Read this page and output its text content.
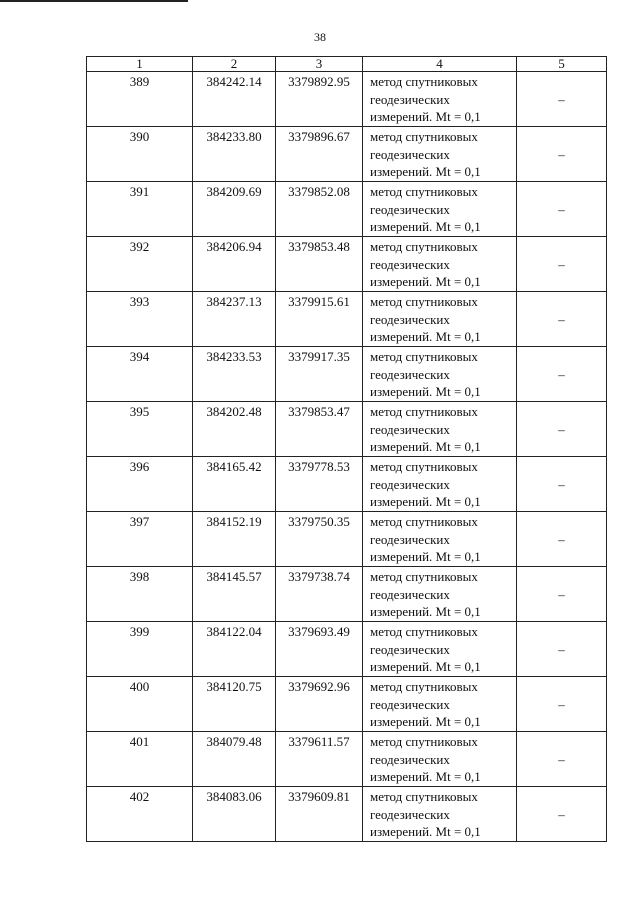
38
1	2	3	4	5
389	384242.14	3379892.95	метод спутниковых
геодезических
измерений. Mt = 0,1	–
390	384233.80	3379896.67	метод спутниковых
геодезических
измерений. Mt = 0,1	–
391	384209.69	3379852.08	метод спутниковых
геодезических
измерений. Mt = 0,1	–
392	384206.94	3379853.48	метод спутниковых
геодезических
измерений. Mt = 0,1	–
393	384237.13	3379915.61	метод спутниковых
геодезических
измерений. Mt = 0,1	–
394	384233.53	3379917.35	метод спутниковых
геодезических
измерений. Mt = 0,1	–
395	384202.48	3379853.47	метод спутниковых
геодезических
измерений. Mt = 0,1	–
396	384165.42	3379778.53	метод спутниковых
геодезических
измерений. Mt = 0,1	–
397	384152.19	3379750.35	метод спутниковых
геодезических
измерений. Mt = 0,1	–
398	384145.57	3379738.74	метод спутниковых
геодезических
измерений. Mt = 0,1	–
399	384122.04	3379693.49	метод спутниковых
геодезических
измерений. Mt = 0,1	–
400	384120.75	3379692.96	метод спутниковых
геодезических
измерений. Mt = 0,1	–
401	384079.48	3379611.57	метод спутниковых
геодезических
измерений. Mt = 0,1	–
402	384083.06	3379609.81	метод спутниковых
геодезических
измерений. Mt = 0,1	–
